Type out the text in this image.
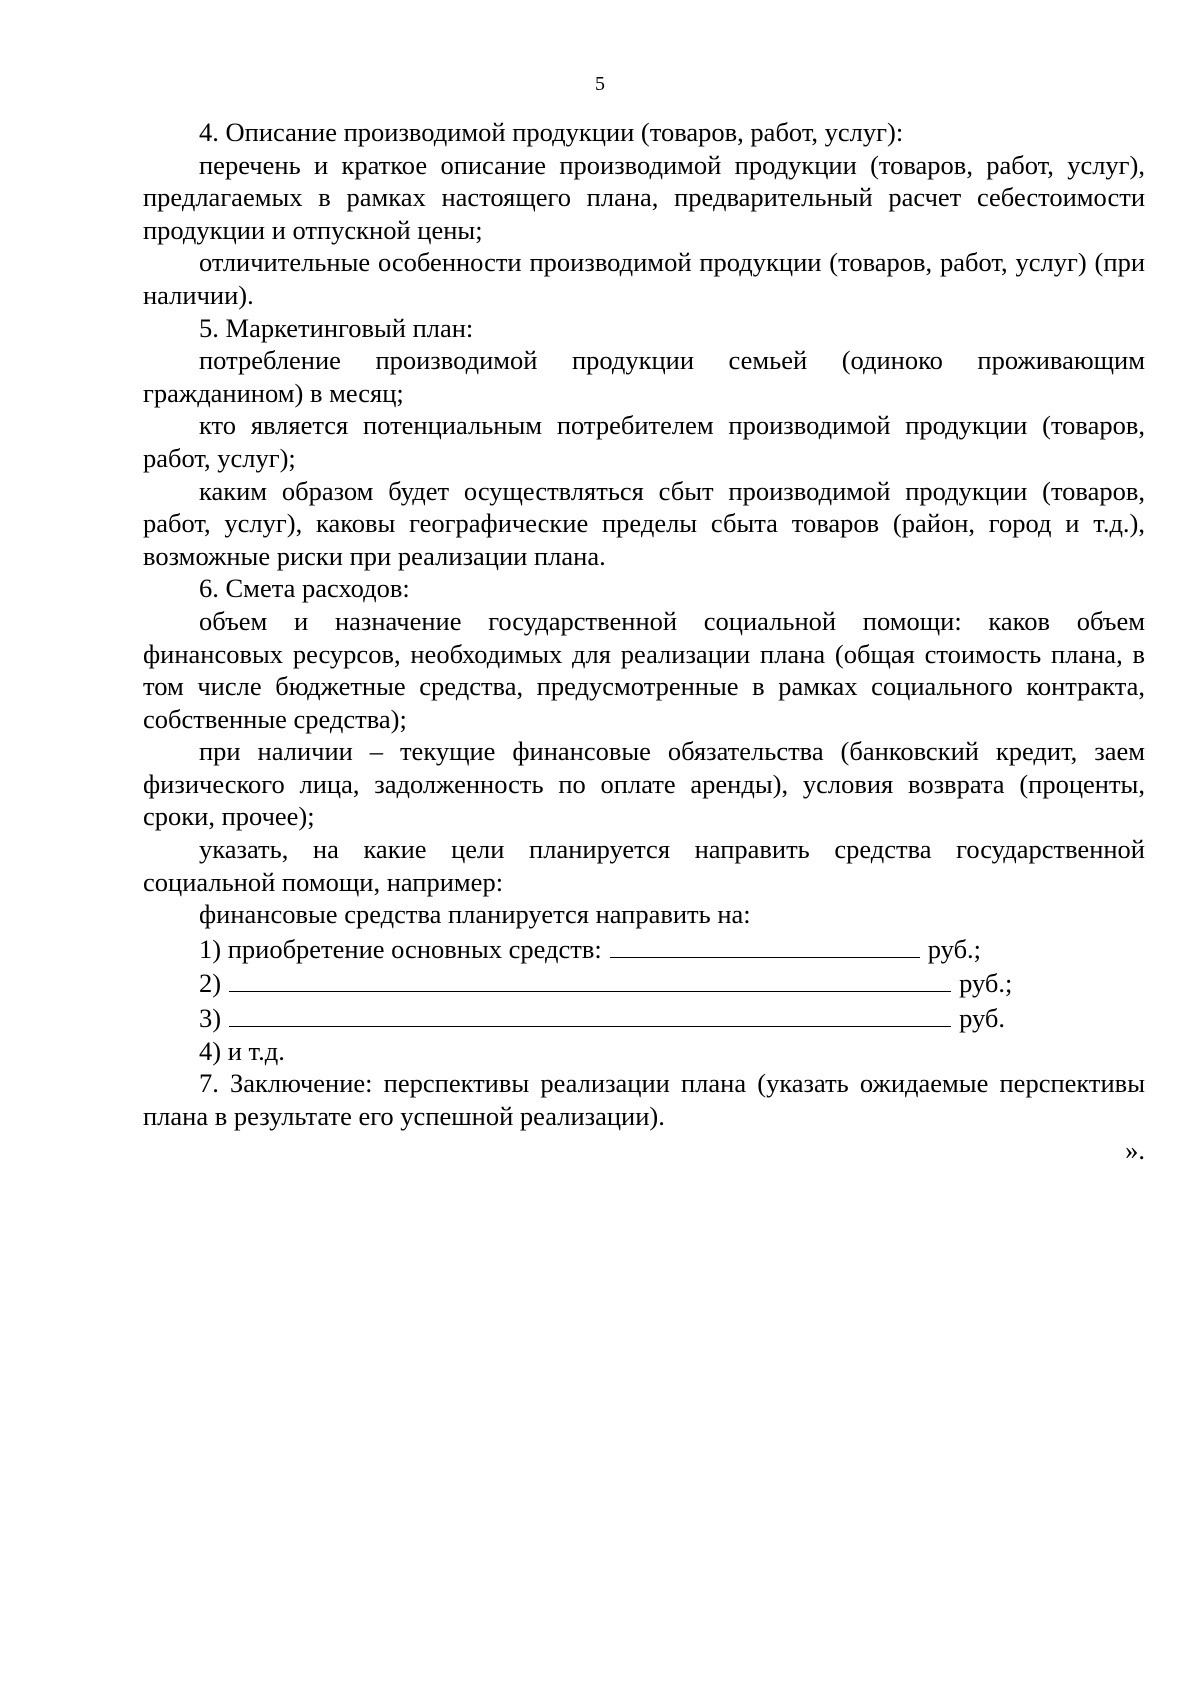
5

4. Описание производимой продукции (товаров, работ, услуг):

перечень и краткое описание производимой продукции (товаров, работ, услуг), предлагаемых в рамках настоящего плана, предварительный расчет себестоимости продукции и отпускной цены;

отличительные особенности производимой продукции (товаров, работ, услуг) (при наличии).

5. Маркетинговый план:

потребление производимой продукции семьей (одиноко проживающим гражданином) в месяц;

кто является потенциальным потребителем производимой продукции (товаров, работ, услуг);

каким образом будет осуществляться сбыт производимой продукции (товаров, работ, услуг), каковы географические пределы сбыта товаров (район, город и т.д.), возможные риски при реализации плана.

6. Смета расходов:

объем и назначение государственной социальной помощи: каков объем финансовых ресурсов, необходимых для реализации плана (общая стоимость плана, в том числе бюджетные средства, предусмотренные в рамках социального контракта, собственные средства);

при наличии – текущие финансовые обязательства (банковский кредит, заем физического лица, задолженность по оплате аренды), условия возврата (проценты, сроки, прочее);

указать, на какие цели планируется направить средства государственной социальной помощи, например:

финансовые средства планируется направить на:

1) приобретение основных средств:	руб.;

2)	руб.;

3)	руб.

4) и т.д.

7. Заключение: перспективы реализации плана (указать ожидаемые перспективы плана в результате его успешной реализации).

».
